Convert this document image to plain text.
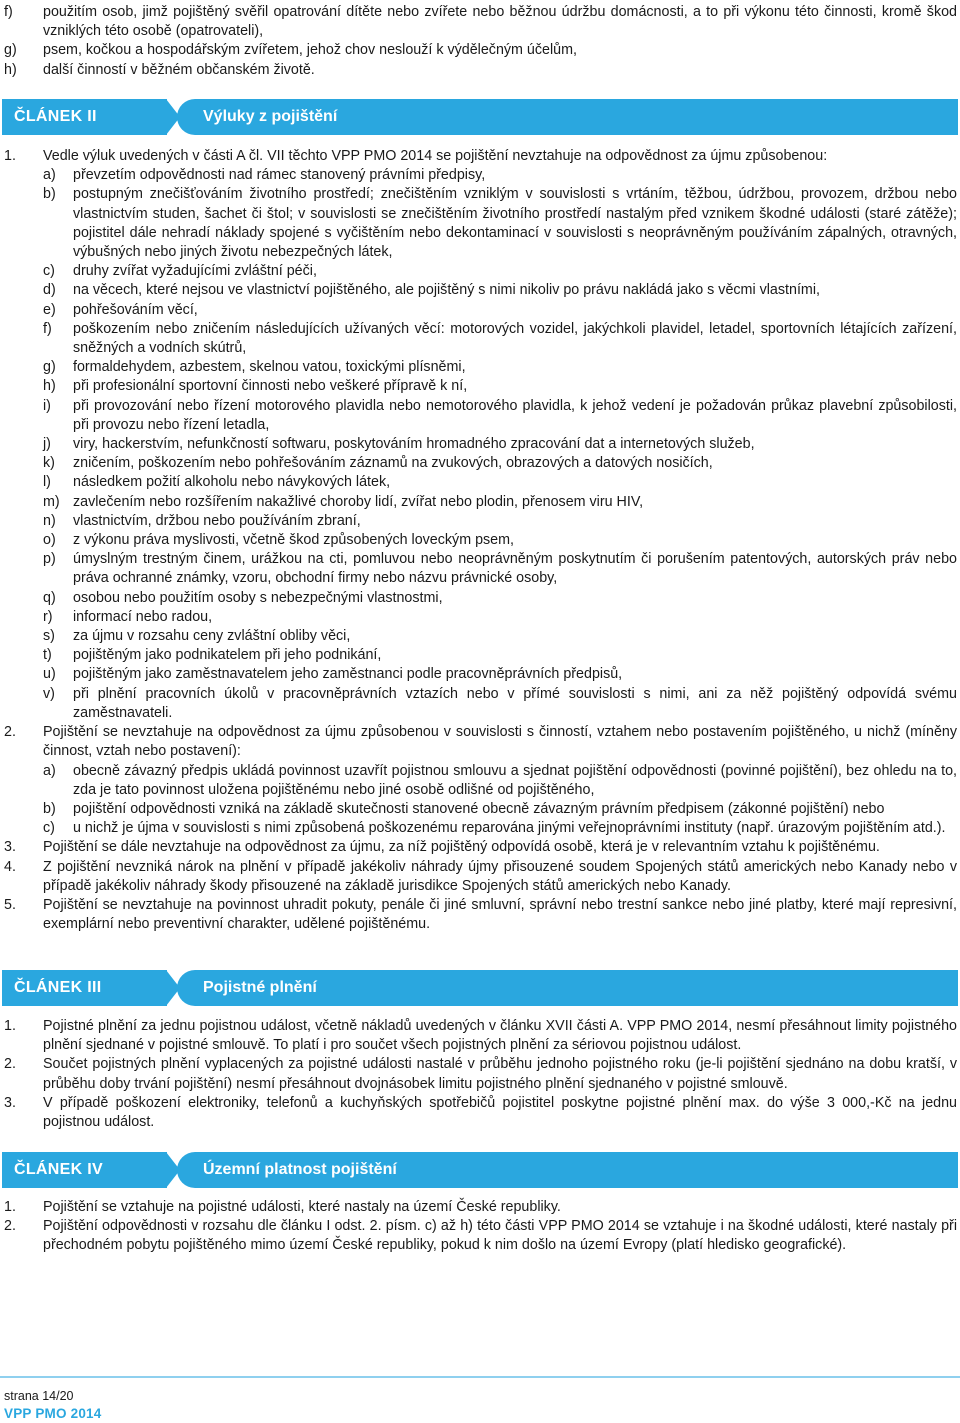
f) použitím osob, jimž pojištěný svěřil opatrování dítěte nebo zvířete nebo běžnou údržbu domácnosti, a to při výkonu této činnosti, kromě škod vzniklých této osobě (opatrovateli),
g) psem, kočkou a hospodářským zvířetem, jehož chov neslouží k výdělečným účelům,
h) další činností v běžném občanském životě.
ČLÁNEK II	Výluky z pojištění
1. Vedle výluk uvedených v části A čl. VII těchto VPP PMO 2014 se pojištění nevztahuje na odpovědnost za újmu způsobenou:
a) převzetím odpovědnosti nad rámec stanovený právními předpisy,
b) postupným znečišťováním životního prostředí; znečištěním vzniklým v souvislosti s vrtáním, těžbou, údržbou, provozem, držbou nebo vlastnictvím studen, šachet či štol; v souvislosti se znečištěním životního prostředí nastalým před vznikem škodné události (staré zátěže); pojistitel dále nehradí náklady spojené s vyčištěním nebo dekontaminací v souvislosti s neoprávněným používáním zápalných, otravných, výbušných nebo jiných životu nebezpečných látek,
c) druhy zvířat vyžadujícími zvláštní péči,
d) na věcech, které nejsou ve vlastnictví pojištěného, ale pojištěný s nimi nikoliv po právu nakládá jako s věcmi vlastními,
e) pohřešováním věcí,
f) poškozením nebo zničením následujících užívaných věcí: motorových vozidel, jakýchkoli plavidel, letadel, sportovních létajících zařízení, sněžných a vodních skútrů,
g) formaldehydem, azbestem, skelnou vatou, toxickými plísněmi,
h) při profesionální sportovní činnosti nebo veškeré přípravě k ní,
i) při provozování nebo řízení motorového plavidla nebo nemotorového plavidla, k jehož vedení je požadován průkaz plavební způsobilosti, při provozu nebo řízení letadla,
j) viry, hackerstvím, nefunkčností softwaru, poskytováním hromadného zpracování dat a internetových služeb,
k) zničením, poškozením nebo pohřešováním záznamů na zvukových, obrazových a datových nosičích,
l) následkem požití alkoholu nebo návykových látek,
m) zavlečením nebo rozšířením nakažlivé choroby lidí, zvířat nebo plodin, přenosem viru HIV,
n) vlastnictvím, držbou nebo používáním zbraní,
o) z výkonu práva myslivosti, včetně škod způsobených loveckým psem,
p) úmyslným trestným činem, urážkou na cti, pomluvou nebo neoprávněným poskytnutím či porušením patentových, autorských práv nebo práva ochranné známky, vzoru, obchodní firmy nebo názvu právnické osoby,
q) osobou nebo použitím osoby s nebezpečnými vlastnostmi,
r) informací nebo radou,
s) za újmu v rozsahu ceny zvláštní obliby věci,
t) pojištěným jako podnikatelem při jeho podnikání,
u) pojištěným jako zaměstnavatelem jeho zaměstnanci podle pracovněprávních předpisů,
v) při plnění pracovních úkolů v pracovněprávních vztazích nebo v přímé souvislosti s nimi, ani za něž pojištěný odpovídá svému zaměstnavateli.
2. Pojištění se nevztahuje na odpovědnost za újmu způsobenou v souvislosti s činností, vztahem nebo postavením pojištěného, u nichž (míněny činnost, vztah nebo postavení):
a) obecně závazný předpis ukládá povinnost uzavřít pojistnou smlouvu a sjednat pojištění odpovědnosti (povinné pojištění), bez ohledu na to, zda je tato povinnost uložena pojištěnému nebo jiné osobě odlišné od pojištěného,
b) pojištění odpovědnosti vzniká na základě skutečnosti stanovené obecně závazným právním předpisem (zákonné pojištění) nebo
c) u nichž je újma v souvislosti s nimi způsobená poškozenému reparována jinými veřejnoprávními instituty (např. úrazovým pojištěním atd.).
3. Pojištění se dále nevztahuje na odpovědnost za újmu, za níž pojištěný odpovídá osobě, která je v relevantním vztahu k pojištěnému.
4. Z pojištění nevzniká nárok na plnění v případě jakékoliv náhrady újmy přisouzené soudem Spojených států amerických nebo Kanady nebo v případě jakékoliv náhrady škody přisouzené na základě jurisdikce Spojených států amerických nebo Kanady.
5. Pojištění se nevztahuje na povinnost uhradit pokuty, penále či jiné smluvní, správní nebo trestní sankce nebo jiné platby, které mají represivní, exemplární nebo preventivní charakter, udělené pojištěnému.
ČLÁNEK III	Pojistné plnění
1. Pojistné plnění za jednu pojistnou událost, včetně nákladů uvedených v článku XVII části A. VPP PMO 2014, nesmí přesáhnout limity pojistného plnění sjednané v pojistné smlouvě. To platí i pro součet všech pojistných plnění za sériovou pojistnou událost.
2. Součet pojistných plnění vyplacených za pojistné události nastalé v průběhu jednoho pojistného roku (je-li pojištění sjednáno na dobu kratší, v průběhu doby trvání pojištění) nesmí přesáhnout dvojnásobek limitu pojistného plnění sjednaného v pojistné smlouvě.
3. V případě poškození elektroniky, telefonů a kuchyňských spotřebičů pojistitel poskytne pojistné plnění max. do výše 3 000,-Kč na jednu pojistnou událost.
ČLÁNEK IV	Územní platnost pojištění
1. Pojištění se vztahuje na pojistné události, které nastaly na území České republiky.
2. Pojištění odpovědnosti v rozsahu dle článku I odst. 2. písm. c) až h) této části VPP PMO 2014 se vztahuje i na škodné události, které nastaly při přechodném pobytu pojištěného mimo území České republiky, pokud k nim došlo na území Evropy (platí hledisko geografické).
strana 14/20
VPP PMO 2014
